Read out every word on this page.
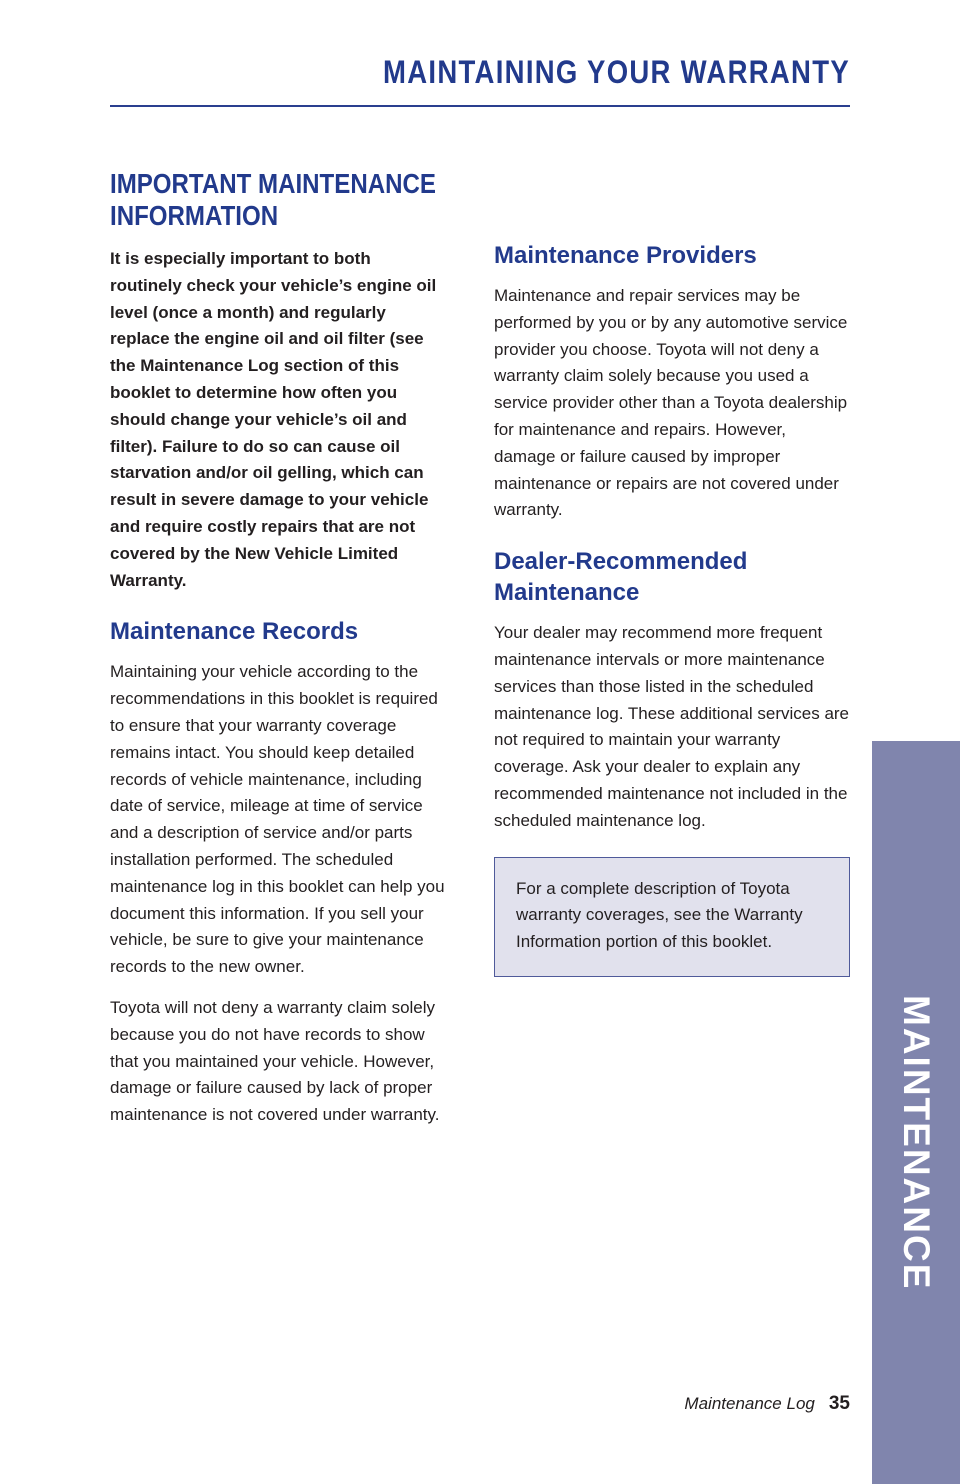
MAINTAINING YOUR WARRANTY
IMPORTANT MAINTENANCE
INFORMATION

It is especially important to both routinely check your vehicle’s engine oil level (once a month) and regularly replace the engine oil and oil filter (see the Maintenance Log section of this booklet to determine how often you should change your vehicle’s oil and filter). Failure to do so can cause oil starvation and/or oil gelling, which can result in severe damage to your vehicle and require costly repairs that are not covered by the New Vehicle Limited Warranty.

Maintenance Records

Maintaining your vehicle according to the recommendations in this booklet is required to ensure that your warranty coverage remains intact. You should keep detailed records of vehicle maintenance, including date of service, mileage at time of service and a description of service and/or parts installation performed. The scheduled maintenance log in this booklet can help you document this information. If you sell your vehicle, be sure to give your maintenance records to the new owner.

Toyota will not deny a warranty claim solely because you do not have records to show that you maintained your vehicle. However, damage or failure caused by lack of proper maintenance is not covered under warranty.

Maintenance Providers

Maintenance and repair services may be performed by you or by any automotive service provider you choose. Toyota will not deny a warranty claim solely because you used a service provider other than a Toyota dealership for maintenance and repairs. However, damage or failure caused by improper maintenance or repairs are not covered under warranty.

Dealer-Recommended
Maintenance

Your dealer may recommend more frequent maintenance intervals or more maintenance services than those listed in the scheduled maintenance log. These additional services are not required to maintain your warranty coverage. Ask your dealer to explain any recommended maintenance not included in the scheduled maintenance log.

For a complete description of Toyota warranty coverages, see the Warranty Information portion of this booklet.
MAINTENANCE
Maintenance Log 35
